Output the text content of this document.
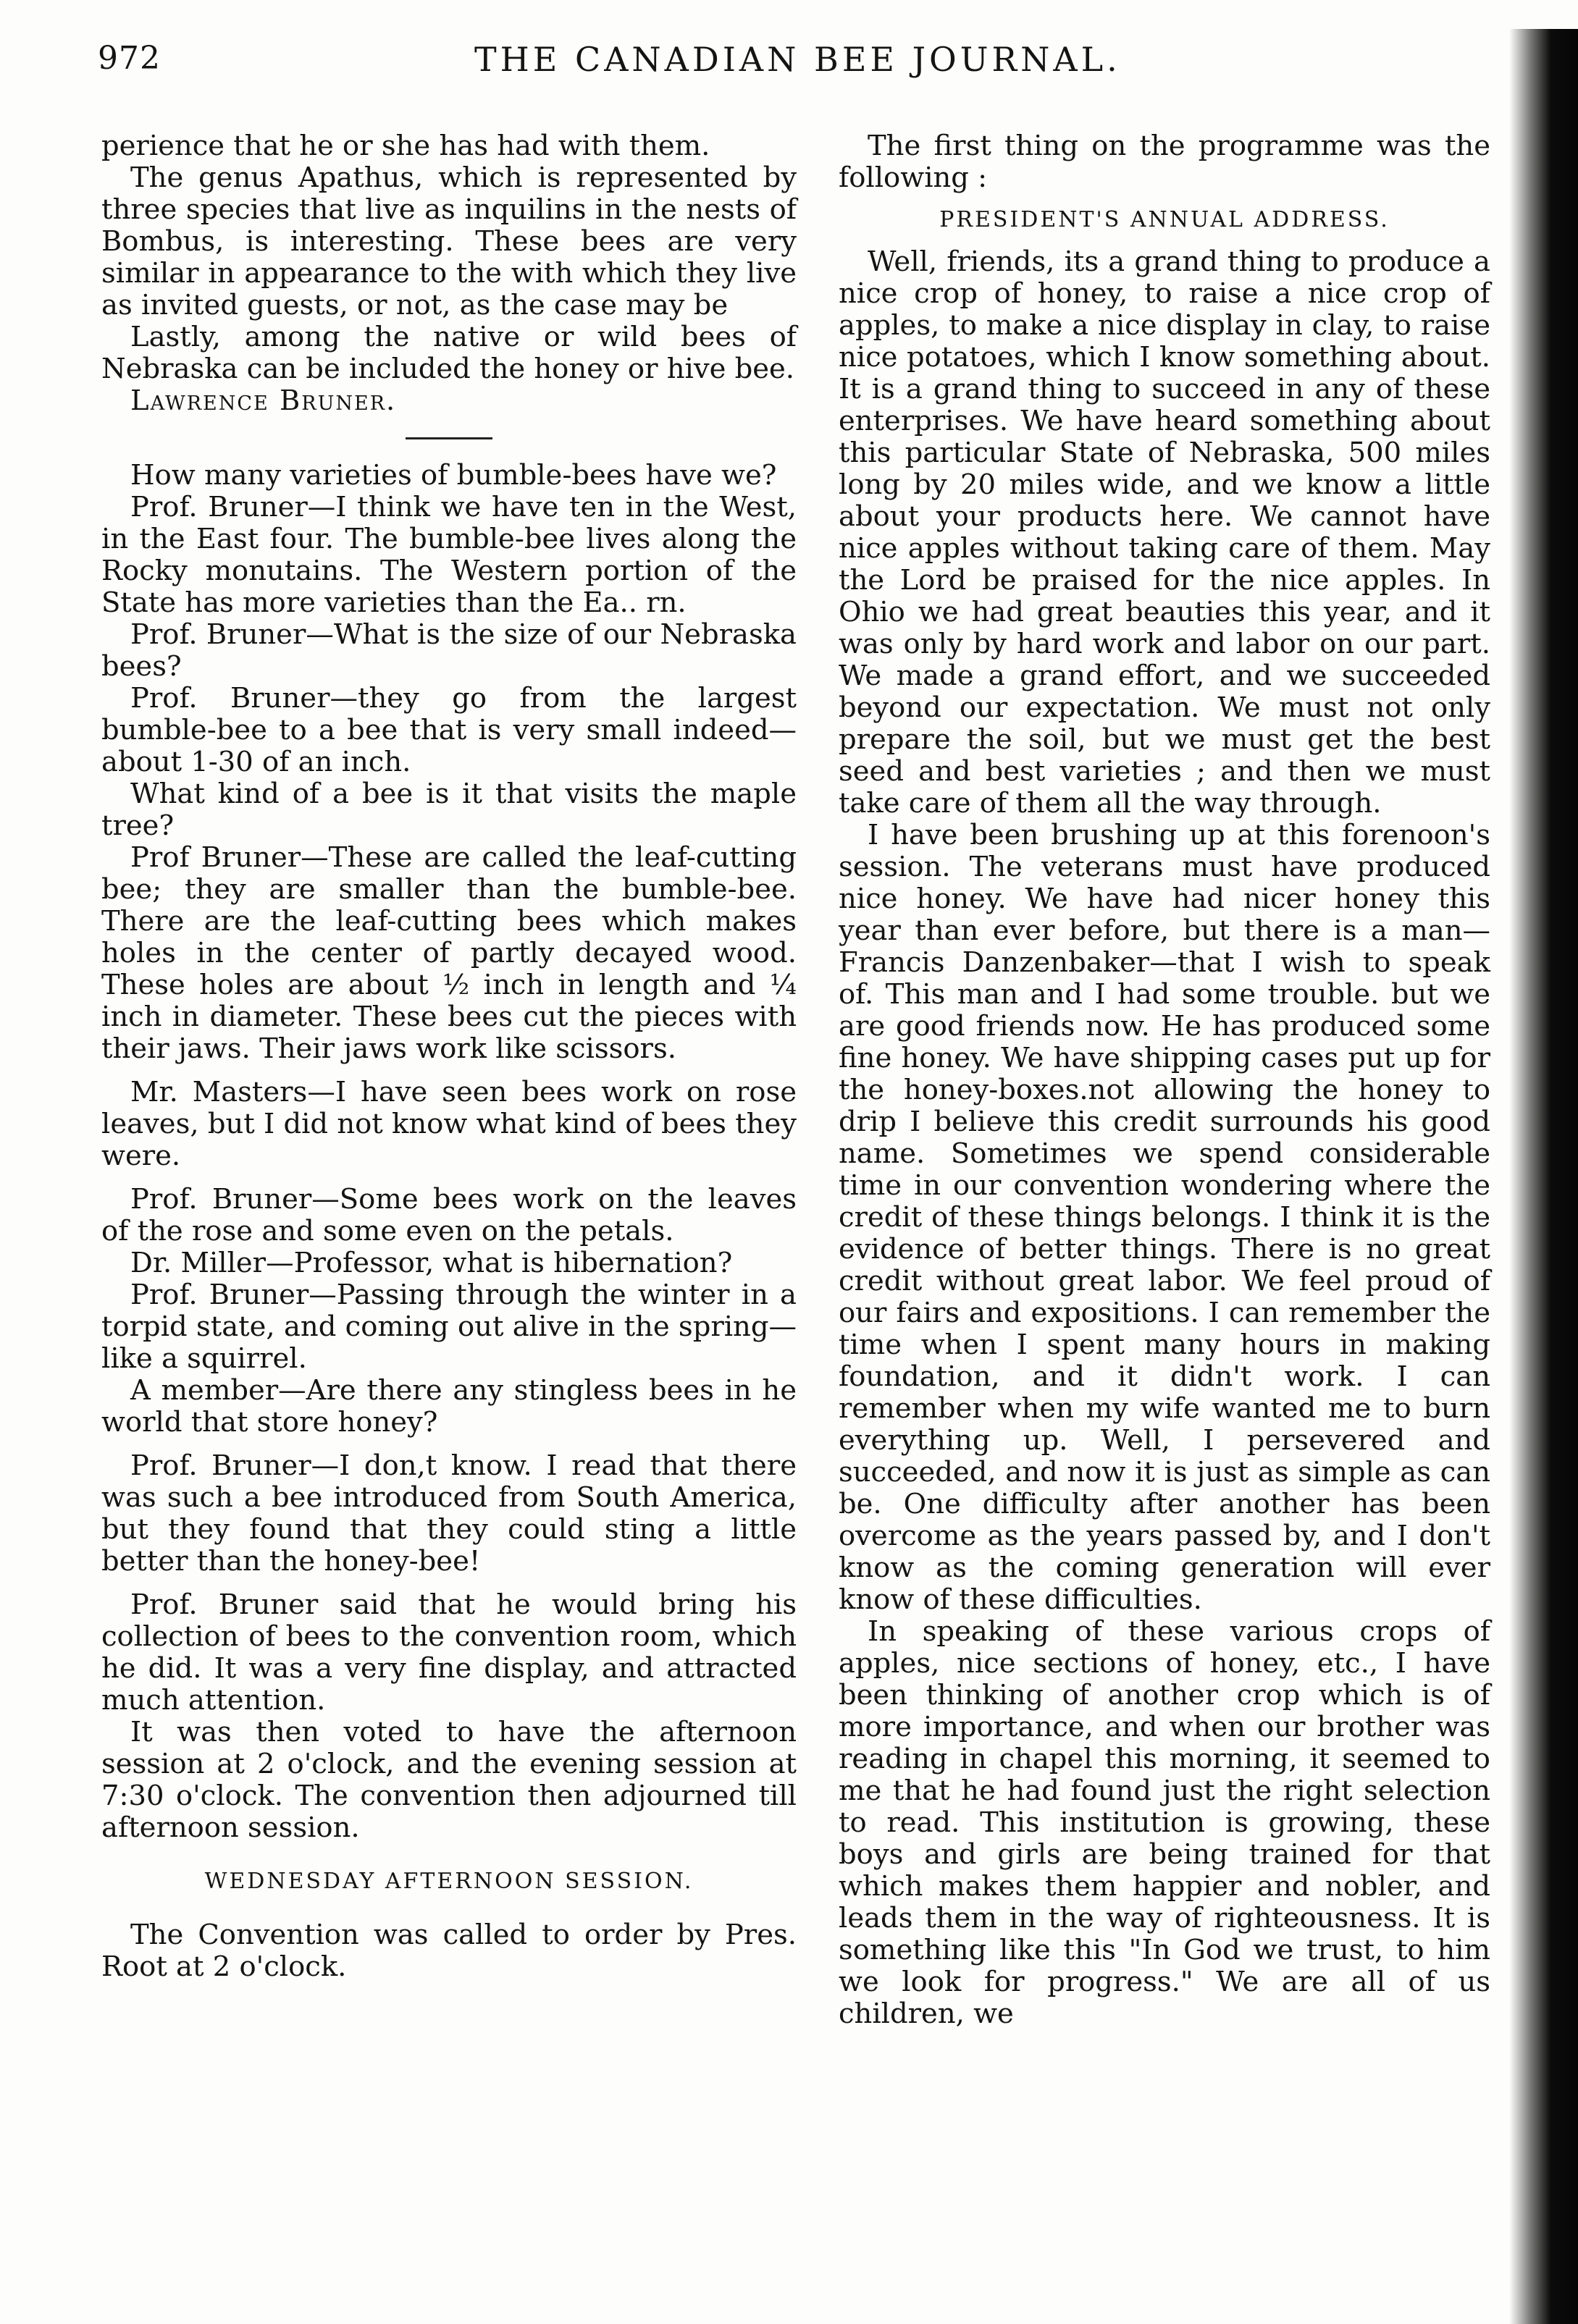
972	THE CANADIAN BEE JOURNAL.

perience that he or she has had with them.

The genus Apathus, which is represented by three species that live as inquilins in the nests of Bombus, is interesting. These bees are very similar in appearance to the with which they live as invited guests, or not, as the case may be

Lastly, among the native or wild bees of Nebraska can be included the honey or hive bee.

Lawrence Bruner.

How many varieties of bumble-bees have we?

Prof. Bruner—I think we have ten in the West, in the East four. The bumble-bee lives along the Rocky monutains. The Western portion of the State has more varieties than the Ea.. rn.

Prof. Bruner—What is the size of our Nebraska bees?

Prof. Bruner—they go from the largest bumble-bee to a bee that is very small indeed—about 1-30 of an inch.

What kind of a bee is it that visits the maple tree?

Prof Bruner—These are called the leaf-cutting bee; they are smaller than the bumble-bee. There are the leaf-cutting bees which makes holes in the center of partly decayed wood. These holes are about ½ inch in length and ¼ inch in diameter. These bees cut the pieces with their jaws. Their jaws work like scissors.

Mr. Masters—I have seen bees work on rose leaves, but I did not know what kind of bees they were.

Prof. Bruner—Some bees work on the leaves of the rose and some even on the petals.

Dr. Miller—Professor, what is hibernation?

Prof. Bruner—Passing through the winter in a torpid state, and coming out alive in the spring—like a squirrel.

A member—Are there any stingless bees in he world that store honey?

Prof. Bruner—I don,t know. I read that there was such a bee introduced from South America, but they found that they could sting a little better than the honey-bee!

Prof. Bruner said that he would bring his collection of bees to the convention room, which he did. It was a very fine display, and attracted much attention.

It was then voted to have the afternoon session at 2 o'clock, and the evening session at 7:30 o'clock. The convention then adjourned till afternoon session.

WEDNESDAY AFTERNOON SESSION.

The Convention was called to order by Pres. Root at 2 o'clock.

The first thing on the programme was the following :

PRESIDENT'S ANNUAL ADDRESS.

Well, friends, its a grand thing to produce a nice crop of honey, to raise a nice crop of apples, to make a nice display in clay, to raise nice potatoes, which I know something about. It is a grand thing to succeed in any of these enterprises. We have heard something about this particular State of Nebraska, 500 miles long by 20 miles wide, and we know a little about your products here. We cannot have nice apples without taking care of them. May the Lord be praised for the nice apples. In Ohio we had great beauties this year, and it was only by hard work and labor on our part. We made a grand effort, and we succeeded beyond our expectation. We must not only prepare the soil, but we must get the best seed and best varieties ; and then we must take care of them all the way through.

I have been brushing up at this forenoon's session. The veterans must have produced nice honey. We have had nicer honey this year than ever before, but there is a man—Francis Danzenbaker—that I wish to speak of. This man and I had some trouble. but we are good friends now. He has produced some fine honey. We have shipping cases put up for the honey-boxes.not allowing the honey to drip I believe this credit surrounds his good name. Sometimes we spend considerable time in our convention wondering where the credit of these things belongs. I think it is the evidence of better things. There is no great credit without great labor. We feel proud of our fairs and expositions. I can remember the time when I spent many hours in making foundation, and it didn't work. I can remember when my wife wanted me to burn everything up. Well, I persevered and succeeded, and now it is just as simple as can be. One difficulty after another has been overcome as the years passed by, and I don't know as the coming generation will ever know of these difficulties.

In speaking of these various crops of apples, nice sections of honey, etc., I have been thinking of another crop which is of more importance, and when our brother was reading in chapel this morning, it seemed to me that he had found just the right selection to read. This institution is growing, these boys and girls are being trained for that which makes them happier and nobler, and leads them in the way of righteousness. It is something like this "In God we trust, to him we look for progress." We are all of us children, we
